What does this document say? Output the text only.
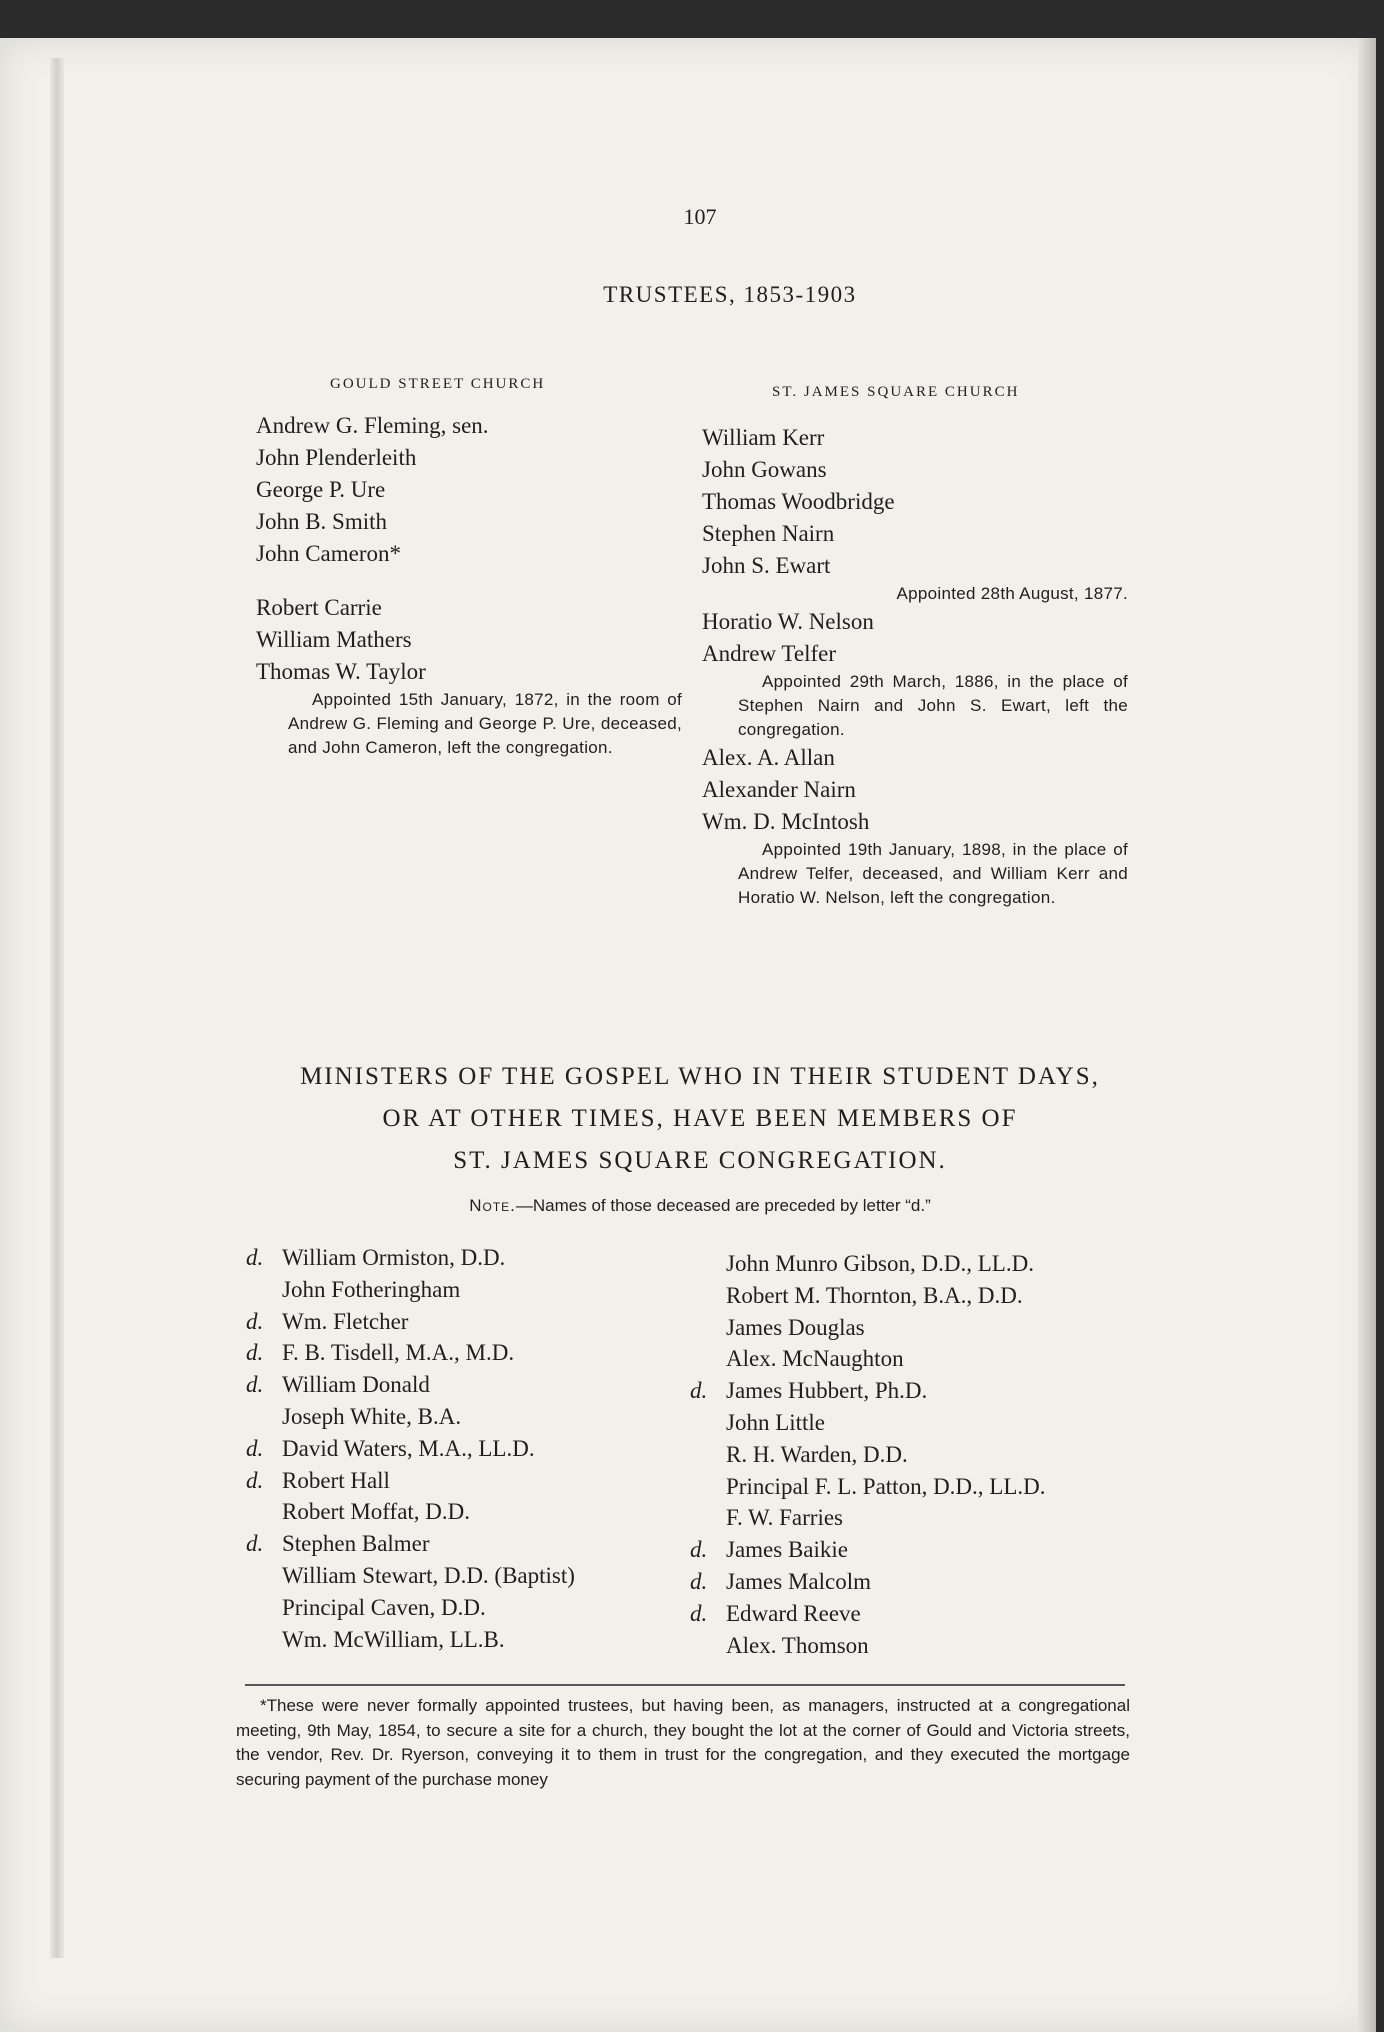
107
TRUSTEES, 1853-1903
GOULD STREET CHURCH	ST. JAMES SQUARE CHURCH
Andrew G. Fleming, sen.
John Plenderleith
George P. Ure
John B. Smith
John Cameron*
Robert Carrie
William Mathers
Thomas W. Taylor
Appointed 15th January, 1872, in the room of Andrew G. Fleming and George P. Ure, deceased, and John Cameron, left the congregation.
William Kerr
John Gowans
Thomas Woodbridge
Stephen Nairn
John S. Ewart
Appointed 28th August, 1877.
Horatio W. Nelson
Andrew Telfer
Appointed 29th March, 1886, in the place of Stephen Nairn and John S. Ewart, left the congregation.
Alex. A. Allan
Alexander Nairn
Wm. D. McIntosh
Appointed 19th January, 1898, in the place of Andrew Telfer, deceased, and William Kerr and Horatio W. Nelson, left the congregation.
MINISTERS OF THE GOSPEL WHO IN THEIR STUDENT DAYS,
OR AT OTHER TIMES, HAVE BEEN MEMBERS OF
ST. JAMES SQUARE CONGREGATION.
Note.—Names of those deceased are preceded by letter “d.”
d. William Ormiston, D.D.
John Fotheringham
d. Wm. Fletcher
d. F. B. Tisdell, M.A., M.D.
d. William Donald
Joseph White, B.A.
d. David Waters, M.A., LL.D.
d. Robert Hall
Robert Moffat, D.D.
d. Stephen Balmer
William Stewart, D.D. (Baptist)
Principal Caven, D.D.
Wm. McWilliam, LL.B.
John Munro Gibson, D.D., LL.D.
Robert M. Thornton, B.A., D.D.
James Douglas
Alex. McNaughton
d. James Hubbert, Ph.D.
John Little
R. H. Warden, D.D.
Principal F. L. Patton, D.D., LL.D.
F. W. Farries
d. James Baikie
d. James Malcolm
d. Edward Reeve
Alex. Thomson
*These were never formally appointed trustees, but having been, as managers, instructed at a congregational meeting, 9th May, 1854, to secure a site for a church, they bought the lot at the corner of Gould and Victoria streets, the vendor, Rev. Dr. Ryerson, conveying it to them in trust for the congregation, and they executed the mortgage securing payment of the purchase money
